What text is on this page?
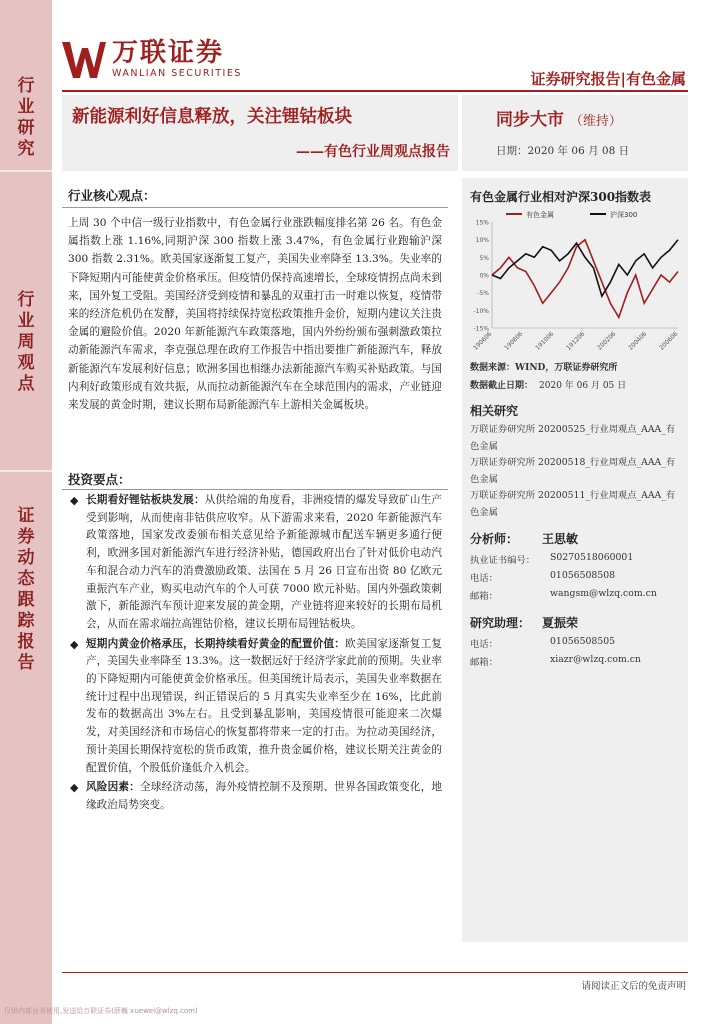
行
业
研
究
行
业
周
观
点
证
券
动
态
跟
踪
报
告
仅供内部业务使用,发送给万联证券(薛巍 xuewei@wlzq.com)
万联证券
WANLIAN SECURITIES	证券研究报告|有色金属
新能源利好信息释放，关注锂钴板块
——有色行业周观点报告
同步大市 （维持）
日期：2020 年 06 月 08 日
行业核心观点：
上周 30 个中信一级行业指数中，有色金属行业涨跌幅度排名第 26 名。有色金属指数上涨 1.16%,同期沪深 300 指数上涨 3.47%，有色金属行业跑输沪深 300 指数 2.31%。欧美国家逐渐复工复产，美国失业率降至 13.3%。失业率的下降短期内可能使黄金价格承压。但疫情仍保持高速增长，全球疫情拐点尚未到来，国外复工受阻。美国经济受到疫情和暴乱的双重打击一时难以恢复，疫情带来的经济危机仍在发酵，美国将持续保持宽松政策推升金价，短期内建议关注贵金属的避险价值。2020 年新能源汽车政策落地，国内外纷纷颁布强刺激政策拉动新能源汽车需求，李克强总理在政府工作报告中指出要推广新能源汽车，释放新能源汽车发展利好信息；欧洲多国也相继办法新能源汽车购买补贴政策。与国内利好政策形成有效共振，从而拉动新能源汽车在全球范围内的需求，产业链迎来发展的黄金时期，建议长期布局新能源汽车上游相关金属板块。
投资要点：
◆ 长期看好锂钴板块发展：从供给端的角度看，非洲疫情的爆发导致矿山生产受到影响，从而使南非钴供应收窄。从下游需求来看，2020 年新能源汽车政策落地，国家发改委颁布相关意见给予新能源城市配送车辆更多通行便利，欧洲多国对新能源汽车进行经济补贴，德国政府出台了针对低价电动汽车和混合动力汽车的消费激励政策、法国在 5 月 26 日宣布出资 80 亿欧元重振汽车产业，购买电动汽车的个人可获 7000 欧元补贴。国内外强政策刺激下，新能源汽车预计迎来发展的黄金期，产业链将迎来较好的长期布局机会，从而在需求端拉高锂钴价格，建议长期布局锂钴板块。
◆ 短期内黄金价格承压，长期持续看好黄金的配置价值：欧美国家逐渐复工复产，美国失业率降至 13.3%。这一数据远好于经济学家此前的预期。失业率的下降短期内可能使黄金价格承压。但美国统计局表示，美国失业率数据在统计过程中出现错误，纠正错误后的 5 月真实失业率至少在 16%，比此前发布的数据高出 3%左右。且受到暴乱影响，美国疫情很可能迎来二次爆发，对美国经济和市场信心的恢复都将带来一定的打击。为拉动美国经济，预计美国长期保持宽松的货币政策，推升贵金属价格，建议长期关注黄金的配置价值，个股低价逢低介入机会。
◆ 风险因素：全球经济动荡，海外疫情控制不及预期、世界各国政策变化，地缘政治局势突变。
有色金属行业相对沪深300指数表
有色金属	沪深300
-15%
-10%
-5%
0%
5%
10%
15%
190606 190806 191006 191206 200206 200406 200606
数据来源：WIND，万联证券研究所
数据截止日期： 2020 年 06 月 05 日
相关研究
万联证券研究所 20200525_行业周观点_AAA_有色金属
万联证券研究所 20200518_行业周观点_AAA_有色金属
万联证券研究所 20200511_行业周观点_AAA_有色金属
分析师： 王思敏
执业证书编号： S0270518060001
电话：	01056508508
邮箱：	wangsm@wlzq.com.cn
研究助理： 夏振荣
电话：	01056508505
邮箱：	xiazr@wlzq.com.cn
请阅读正文后的免责声明
